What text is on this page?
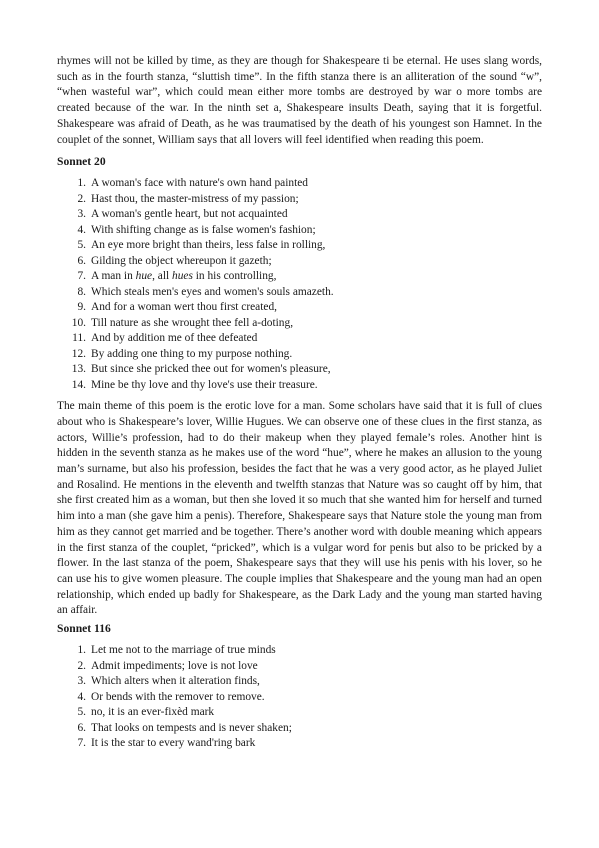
rhymes will not be killed by time, as they are though for Shakespeare ti be eternal. He uses slang words, such as in the fourth stanza, “sluttish time”. In the fifth stanza there is an alliteration of the sound “w”, “when wasteful war”, which could mean either more tombs are destroyed by war o more tombs are created because of the war. In the ninth set a, Shakespeare insults Death, saying that it is forgetful. Shakespeare was afraid of Death, as he was traumatised by the death of his youngest son Hamnet. In the couplet of the sonnet, William says that all lovers will feel identified when reading this poem.

Sonnet 20
1. A woman's face with nature's own hand painted
2. Hast thou, the master-mistress of my passion;
3. A woman's gentle heart, but not acquainted
4. With shifting change as is false women's fashion;
5. An eye more bright than theirs, less false in rolling,
6. Gilding the object whereupon it gazeth;
7. A man in hue, all hues in his controlling,
8. Which steals men's eyes and women's souls amazeth.
9. And for a woman wert thou first created,
10. Till nature as she wrought thee fell a-doting,
11. And by addition me of thee defeated
12. By adding one thing to my purpose nothing.
13. But since she pricked thee out for women's pleasure,
14. Mine be thy love and thy love's use their treasure.

The main theme of this poem is the erotic love for a man. Some scholars have said that it is full of clues about who is Shakespeare’s lover, Willie Hugues. We can observe one of these clues in the first stanza, as actors, Willie’s profession, had to do their makeup when they played female’s roles. Another hint is hidden in the seventh stanza as he makes use of the word “hue”, where he makes an allusion to the young man’s surname, but also his profession, besides the fact that he was a very good actor, as he played Juliet and Rosalind. He mentions in the eleventh and twelfth stanzas that Nature was so caught off by him, that she first created him as a woman, but then she loved it so much that she wanted him for herself and turned him into a man (she gave him a penis). Therefore, Shakespeare says that Nature stole the young man from him as they cannot get married and be together. There’s another word with double meaning which appears in the first stanza of the couplet, “pricked”, which is a vulgar word for penis but also to be pricked by a flower. In the last stanza of the poem, Shakespeare says that they will use his penis with his lover, so he can use his to give women pleasure. The couple implies that Shakespeare and the young man had an open relationship, which ended up badly for Shakespeare, as the Dark Lady and the young man started having an affair.

Sonnet 116
1. Let me not to the marriage of true minds
2. Admit impediments; love is not love
3. Which alters when it alteration finds,
4. Or bends with the remover to remove.
5. no, it is an ever-fixèd mark
6. That looks on tempests and is never shaken;
7. It is the star to every wand'ring bark
